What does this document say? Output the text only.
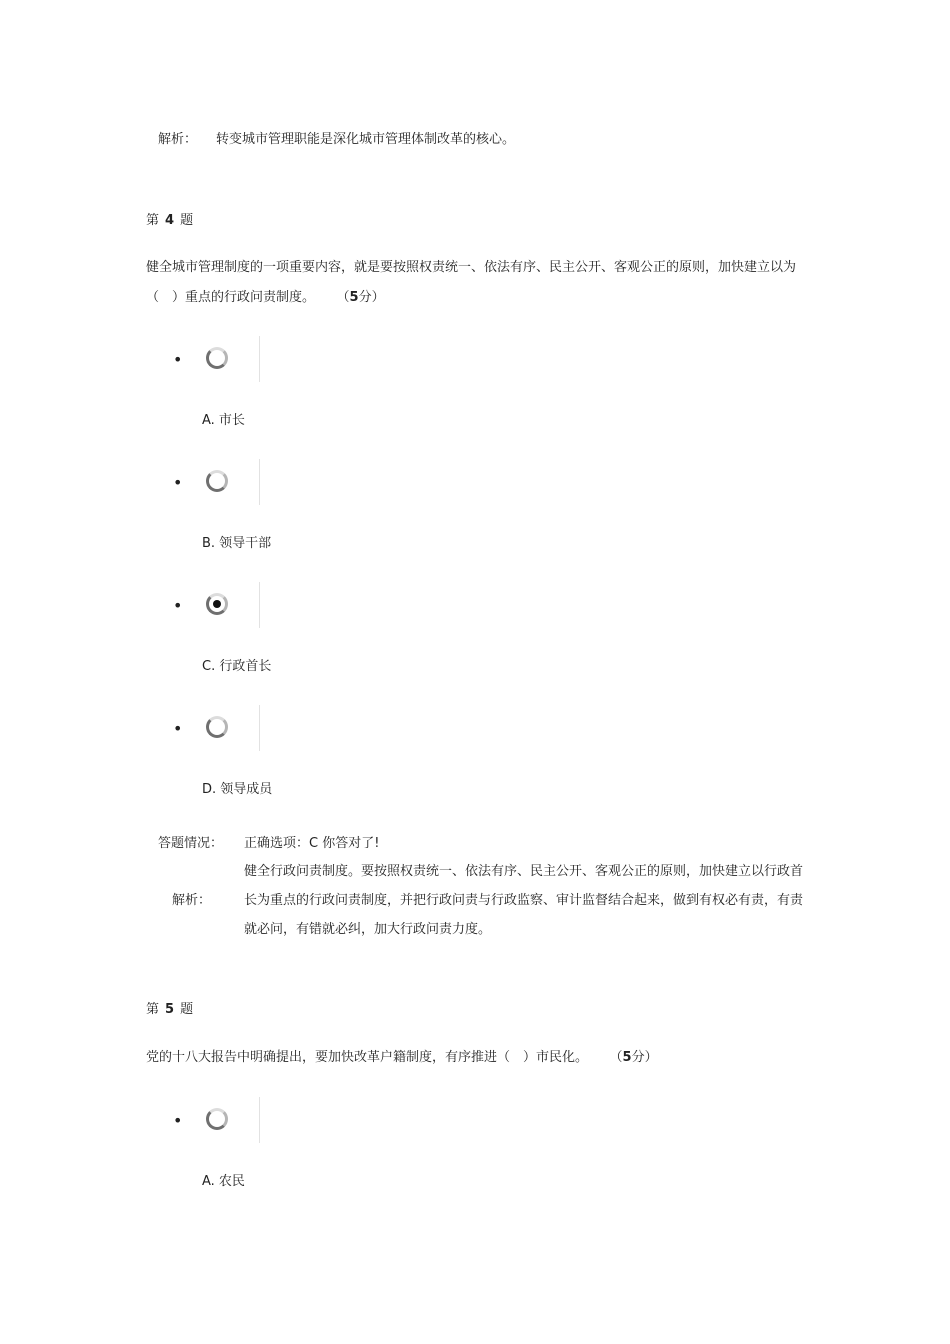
解析： 转变城市管理职能是深化城市管理体制改革的核心。
第 4 题
健全城市管理制度的一项重要内容，就是要按照权责统一、依法有序、民主公开、客观公正的原则，加快建立以为（　）重点的行政问责制度。 （5分）
•
A. 市长
•
B. 领导干部
•
C. 行政首长
•
D. 领导成员
答题情况： 正确选项：C 你答对了!
解析：
健全行政问责制度。要按照权责统一、依法有序、民主公开、客观公正的原则，加快建立以行政首长为重点的行政问责制度，并把行政问责与行政监察、审计监督结合起来，做到有权必有责，有责就必问，有错就必纠，加大行政问责力度。
第 5 题
党的十八大报告中明确提出，要加快改革户籍制度，有序推进（　）市民化。 （5分）
•
A. 农民
